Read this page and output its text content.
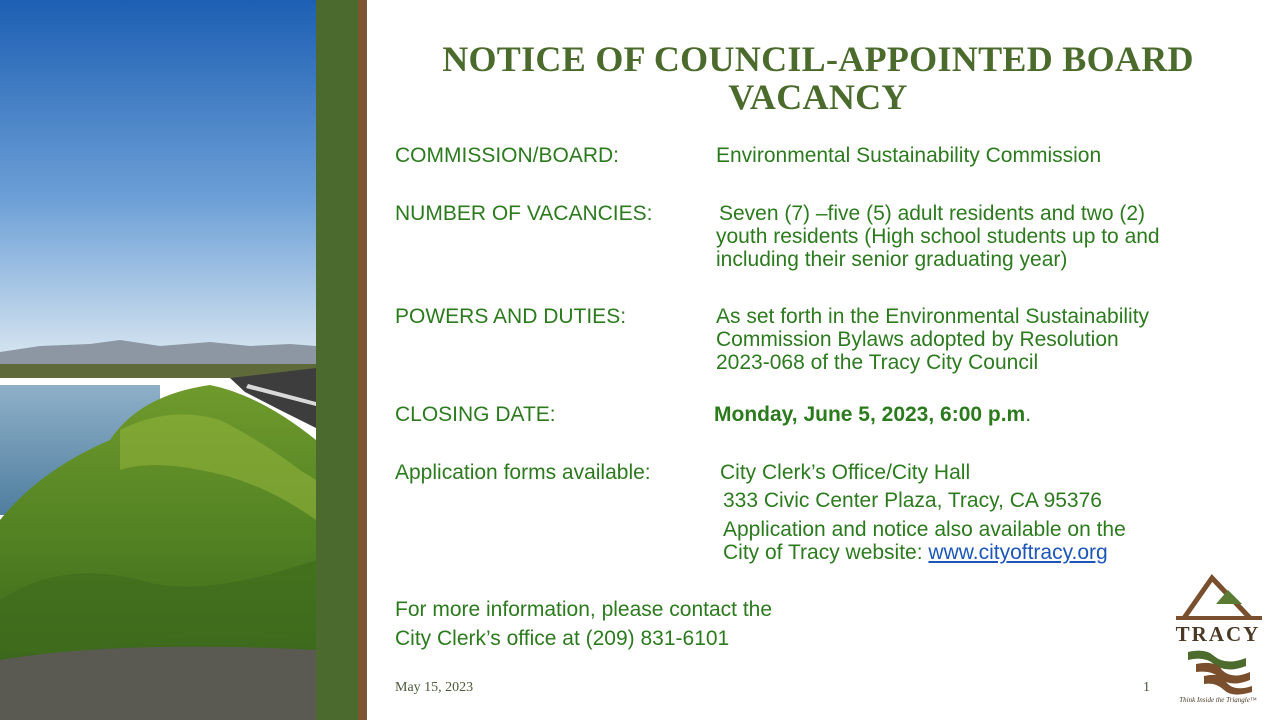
NOTICE OF COUNCIL-APPOINTED BOARD VACANCY
COMMISSION/BOARD:	Environmental Sustainability Commission
NUMBER OF VACANCIES:	Seven (7) –five (5) adult residents and two (2)
youth residents (High school students up to and
including their senior graduating year)
POWERS AND DUTIES:	As set forth in the Environmental Sustainability
Commission Bylaws adopted by Resolution
2023-068 of the Tracy City Council
CLOSING DATE:	Monday, June 5, 2023, 6:00 p.m.
Application forms available:	City Clerk’s Office/City Hall
333 Civic Center Plaza, Tracy, CA 95376
Application and notice also available on the
City of Tracy website: www.cityoftracy.org
For more information, please contact the
City Clerk’s office at (209) 831-6101
May 15, 2023	1
TRACY
Think Inside the Triangle™
